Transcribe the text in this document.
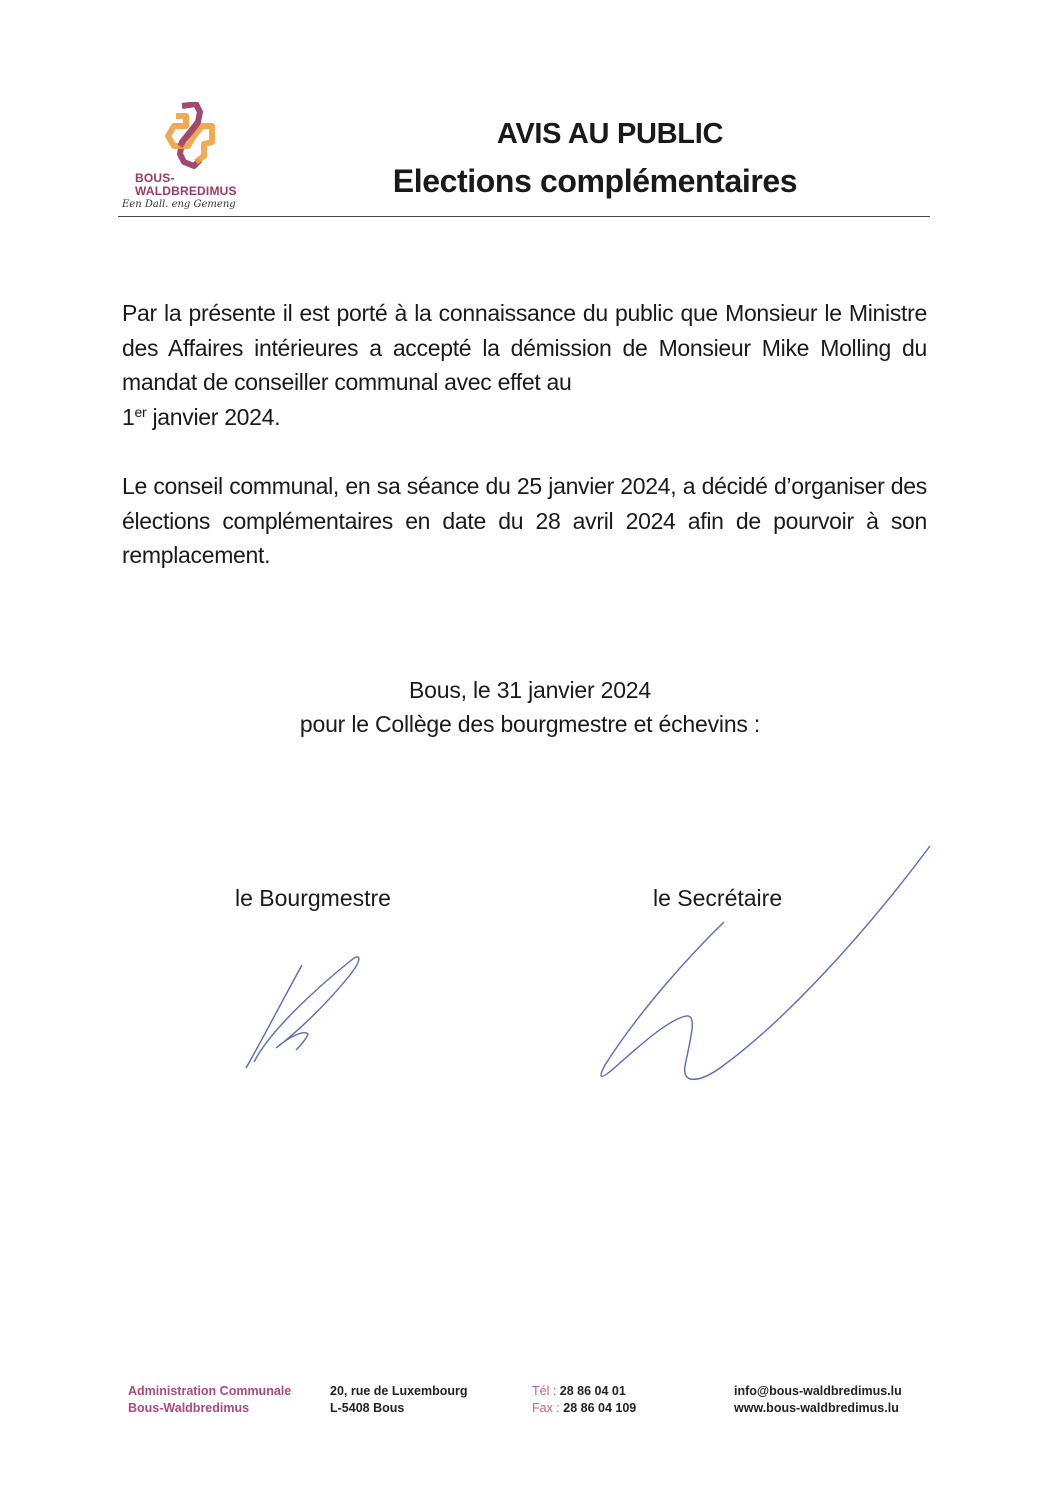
BOUS-
WALDBREDIMUS
Een Dall. eng Gemeng
AVIS AU PUBLIC
Elections complémentaires
Par la présente il est porté à la connaissance du public que Monsieur le Ministre des Affaires intérieures a accepté la démission de Monsieur Mike Molling du mandat de conseiller communal avec effet au
1er janvier 2024.
Le conseil communal, en sa séance du 25 janvier 2024, a décidé d’organiser des élections complémentaires en date du 28 avril 2024 afin de pourvoir à son remplacement.
Bous, le 31 janvier 2024
pour le Collège des bourgmestre et échevins :
le Bourgmestre	le Secrétaire
Administration Communale
Bous-Waldbredimus
20, rue de Luxembourg
L-5408 Bous
Tél : 28 86 04 01
Fax : 28 86 04 109
info@bous-waldbredimus.lu
www.bous-waldbredimus.lu
